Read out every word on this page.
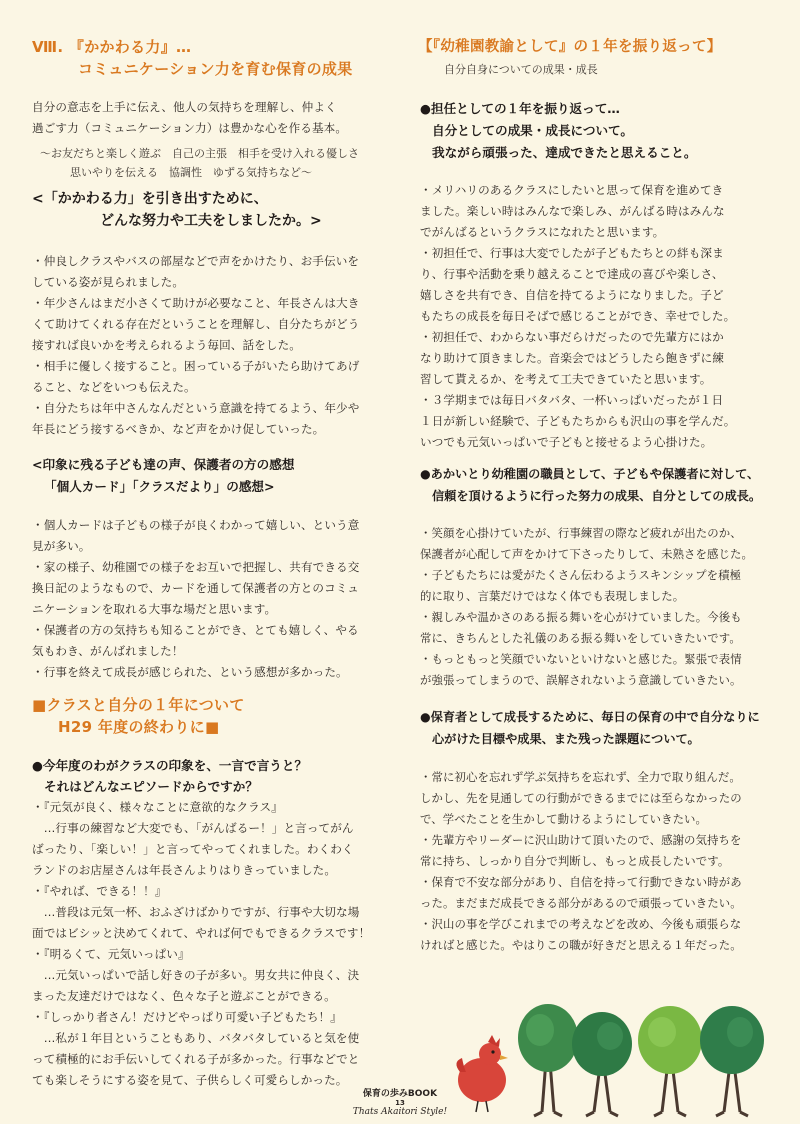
Ⅷ. 『かかわる力』…
コミュニケーション力を育む保育の成果
自分の意志を上手に伝え、他人の気持ちを理解し、仲よく
過ごす力（コミュニケーション力）は豊かな心を作る基本。
〜お友だちと楽しく遊ぶ　自己の主張　相手を受け入れる優しさ
思いやりを伝える　協調性　ゆずる気持ちなど〜
<「かかわる力」を引き出すために、
どんな努力や工夫をしましたか。>
・仲良しクラスやバスの部屋などで声をかけたり、お手伝いを
している姿が見られました。
・年少さんはまだ小さくて助けが必要なこと、年長さんは大き
くて助けてくれる存在だということを理解し、自分たちがどう
接すれば良いかを考えられるよう毎回、話をした。
・相手に優しく接すること。困っている子がいたら助けてあげ
ること、などをいつも伝えた。
・自分たちは年中さんなんだという意識を持てるよう、年少や
年長にどう接するべきか、など声をかけ促していった。
<印象に残る子ども達の声、保護者の方の感想
「個人カード」「クラスだより」の感想>
・個人カードは子どもの様子が良くわかって嬉しい、という意
見が多い。
・家の様子、幼稚園での様子をお互いで把握し、共有できる交
換日記のようなもので、カードを通して保護者の方とのコミュ
ニケーションを取れる大事な場だと思います。
・保護者の方の気持ちも知ることができ、とても嬉しく、やる
気もわき、がんばれました！
・行事を終えて成長が感じられた、という感想が多かった。
■クラスと自分の１年について
H29 年度の終わりに■
●今年度のわがクラスの印象を、一言で言うと？
それはどんなエピソードからですか？
・『元気が良く、様々なことに意欲的なクラス』
　…行事の練習など大変でも、「がんばるー！」と言ってがん
ばったり、「楽しい！」と言ってやってくれました。わくわく
ランドのお店屋さんは年長さんよりはりきっていました。
・『やれば、できる！！』
　…普段は元気一杯、おふざけばかりですが、行事や大切な場
面ではビシッと決めてくれて、やれば何でもできるクラスです！
・『明るくて、元気いっぱい』
　…元気いっぱいで話し好きの子が多い。男女共に仲良く、決
まった友達だけではなく、色々な子と遊ぶことができる。
・『しっかり者さん！だけどやっぱり可愛い子どもたち！』
　…私が１年目ということもあり、バタバタしていると気を使
って積極的にお手伝いしてくれる子が多かった。行事などでと
ても楽しそうにする姿を見て、子供らしく可愛らしかった。
【『幼稚園教諭として』の１年を振り返って】
自分自身についての成果・成長
●担任としての１年を振り返って…
自分としての成果・成長について。
我ながら頑張った、達成できたと思えること。
・メリハリのあるクラスにしたいと思って保育を進めてき
ました。楽しい時はみんなで楽しみ、がんばる時はみんな
でがんばるというクラスになれたと思います。
・初担任で、行事は大変でしたが子どもたちとの絆も深ま
り、行事や活動を乗り越えることで達成の喜びや楽しさ、
嬉しさを共有でき、自信を持てるようになりました。子ど
もたちの成長を毎日そばで感じることができ、幸せでした。
・初担任で、わからない事だらけだったので先輩方にはか
なり助けて頂きました。音楽会ではどうしたら飽きずに練
習して貰えるか、を考えて工夫できていたと思います。
・３学期までは毎日バタバタ、一杯いっぱいだったが１日
１日が新しい経験で、子どもたちからも沢山の事を学んだ。
いつでも元気いっぱいで子どもと接せるよう心掛けた。
●あかいとり幼稚園の職員として、子どもや保護者に対して、
信頼を頂けるように行った努力の成果、自分としての成長。
・笑顔を心掛けていたが、行事練習の際など疲れが出たのか、
保護者が心配して声をかけて下さったりして、未熟さを感じた。
・子どもたちには愛がたくさん伝わるようスキンシップを積極
的に取り、言葉だけではなく体でも表現しました。
・親しみや温かさのある振る舞いを心がけていました。今後も
常に、きちんとした礼儀のある振る舞いをしていきたいです。
・もっともっと笑顔でいないといけないと感じた。緊張で表情
が強張ってしまうので、誤解されないよう意識していきたい。
●保育者として成長するために、毎日の保育の中で自分なりに
心がけた目標や成果、また残った課題について。
・常に初心を忘れず学ぶ気持ちを忘れず、全力で取り組んだ。
しかし、先を見通しての行動ができるまでには至らなかったの
で、学べたことを生かして動けるようにしていきたい。
・先輩方やリーダーに沢山助けて頂いたので、感謝の気持ちを
常に持ち、しっかり自分で判断し、もっと成長したいです。
・保育で不安な部分があり、自信を持って行動できない時があ
った。まだまだ成長できる部分があるので頑張っていきたい。
・沢山の事を学びこれまでの考えなどを改め、今後も頑張らな
ければと感じた。やはりこの職が好きだと思える１年だった。
保育の歩みBOOK
13
Thats Akaitori Style!
